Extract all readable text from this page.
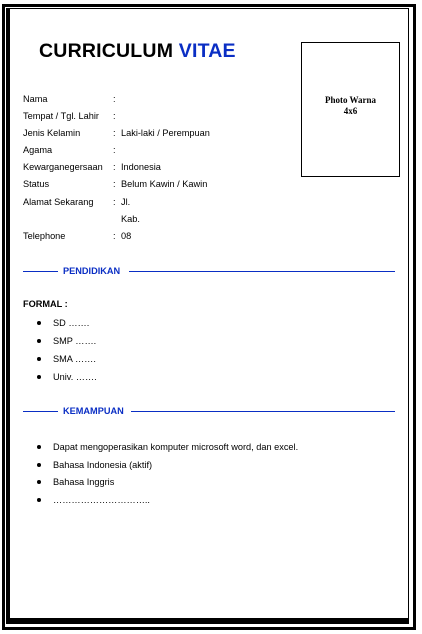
CURRICULUM VITAE
Photo Warna
4x6
Nama	:
Tempat / Tgl. Lahir :
Jenis Kelamin	: Laki-laki / Perempuan
Agama	:
Kewarganegersaan : Indonesia
Status	: Belum Kawin / Kawin
Alamat Sekarang : Jl.
Kab.
Telephone	: 08
PENDIDIKAN
FORMAL :
SD …….
SMP …….
SMA …….
Univ. …….
KEMAMPUAN
Dapat mengoperasikan komputer microsoft word, dan excel.
Bahasa Indonesia (aktif)
Bahasa Inggris
…………………………..
